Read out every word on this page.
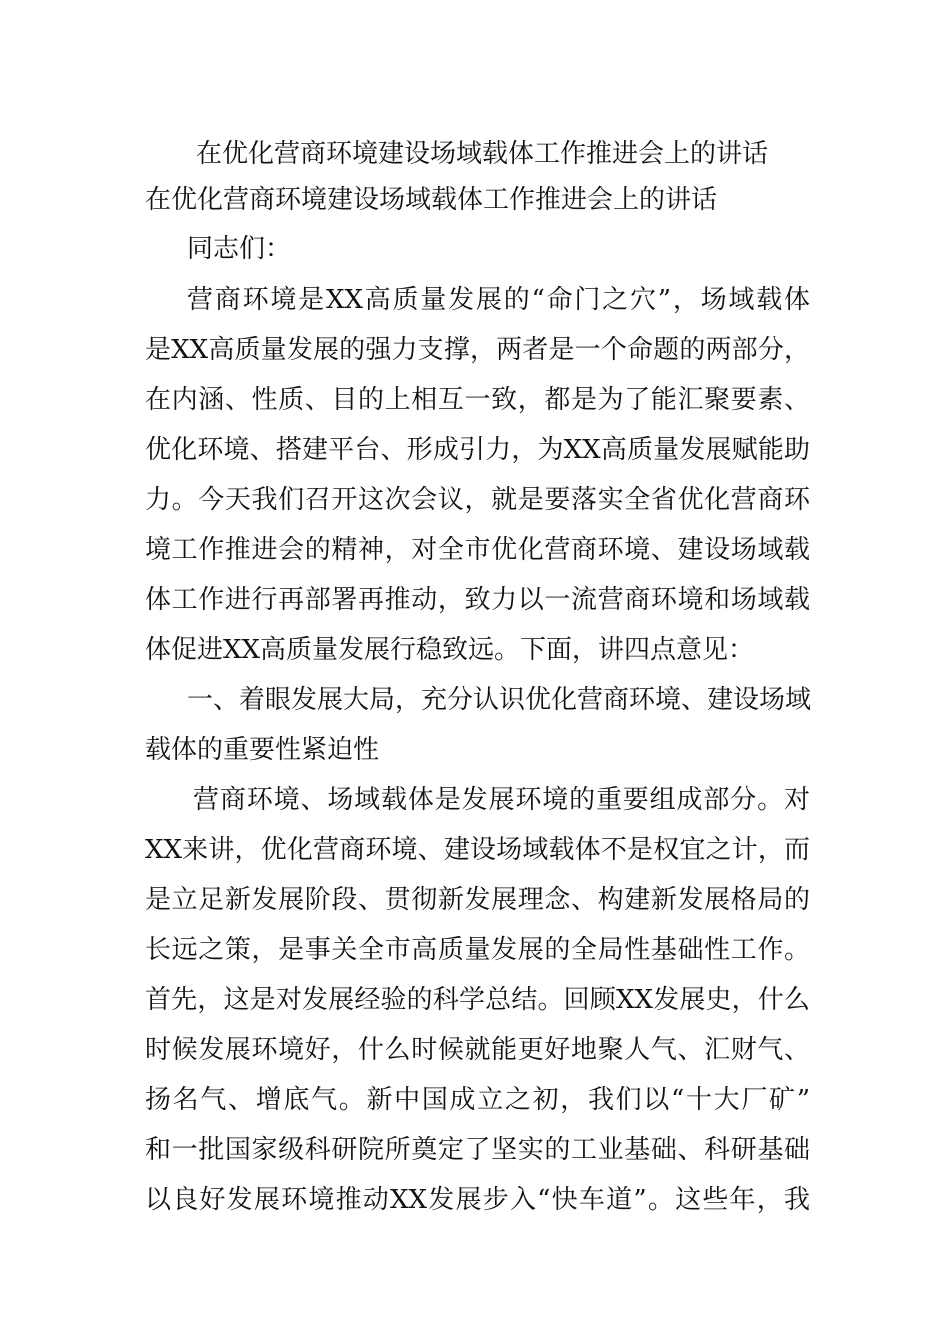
在优化营商环境建设场域载体工作推进会上的讲话
在优化营商环境建设场域载体工作推进会上的讲话
同志们：
营商环境是XX高质量发展的“命门之穴”，场域载体
是XX高质量发展的强力支撑，两者是一个命题的两部分，
在内涵、性质、目的上相互一致，都是为了能汇聚要素、
优化环境、搭建平台、形成引力，为XX高质量发展赋能助
力。今天我们召开这次会议，就是要落实全省优化营商环
境工作推进会的精神，对全市优化营商环境、建设场域载
体工作进行再部署再推动，致力以一流营商环境和场域载
体促进XX高质量发展行稳致远。下面，讲四点意见：
一、着眼发展大局，充分认识优化营商环境、建设场域
载体的重要性紧迫性
营商环境、场域载体是发展环境的重要组成部分。对
XX来讲，优化营商环境、建设场域载体不是权宜之计，而
是立足新发展阶段、贯彻新发展理念、构建新发展格局的
长远之策，是事关全市高质量发展的全局性基础性工作。
首先，这是对发展经验的科学总结。回顾XX发展史，什么
时候发展环境好，什么时候就能更好地聚人气、汇财气、
扬名气、增底气。新中国成立之初，我们以“十大厂矿”
和一批国家级科研院所奠定了坚实的工业基础、科研基础
以良好发展环境推动XX发展步入“快车道”。这些年，我
